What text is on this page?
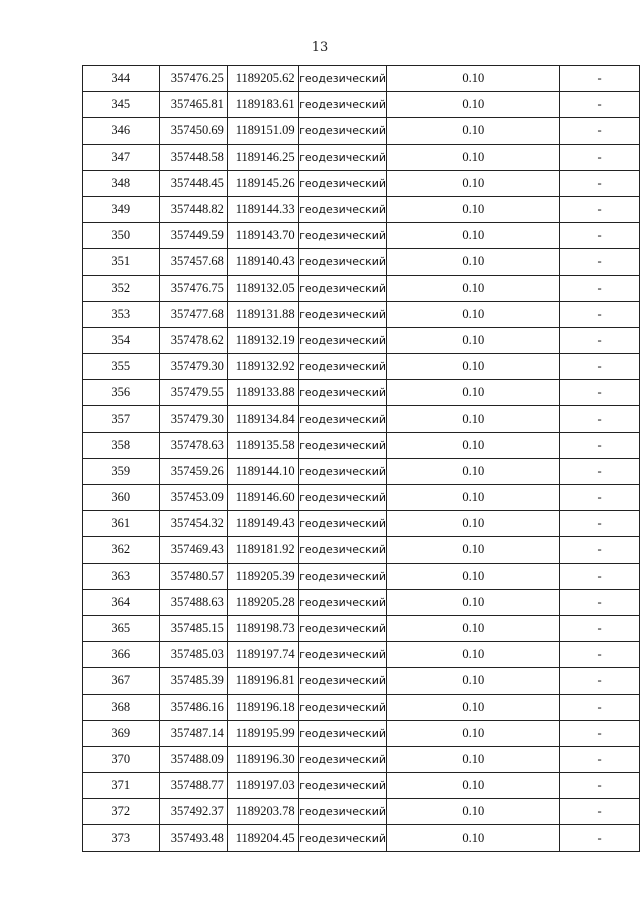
13
344	357476.25	1189205.62	геодезический	0.10	-
345	357465.81	1189183.61	геодезический	0.10	-
346	357450.69	1189151.09	геодезический	0.10	-
347	357448.58	1189146.25	геодезический	0.10	-
348	357448.45	1189145.26	геодезический	0.10	-
349	357448.82	1189144.33	геодезический	0.10	-
350	357449.59	1189143.70	геодезический	0.10	-
351	357457.68	1189140.43	геодезический	0.10	-
352	357476.75	1189132.05	геодезический	0.10	-
353	357477.68	1189131.88	геодезический	0.10	-
354	357478.62	1189132.19	геодезический	0.10	-
355	357479.30	1189132.92	геодезический	0.10	-
356	357479.55	1189133.88	геодезический	0.10	-
357	357479.30	1189134.84	геодезический	0.10	-
358	357478.63	1189135.58	геодезический	0.10	-
359	357459.26	1189144.10	геодезический	0.10	-
360	357453.09	1189146.60	геодезический	0.10	-
361	357454.32	1189149.43	геодезический	0.10	-
362	357469.43	1189181.92	геодезический	0.10	-
363	357480.57	1189205.39	геодезический	0.10	-
364	357488.63	1189205.28	геодезический	0.10	-
365	357485.15	1189198.73	геодезический	0.10	-
366	357485.03	1189197.74	геодезический	0.10	-
367	357485.39	1189196.81	геодезический	0.10	-
368	357486.16	1189196.18	геодезический	0.10	-
369	357487.14	1189195.99	геодезический	0.10	-
370	357488.09	1189196.30	геодезический	0.10	-
371	357488.77	1189197.03	геодезический	0.10	-
372	357492.37	1189203.78	геодезический	0.10	-
373	357493.48	1189204.45	геодезический	0.10	-
